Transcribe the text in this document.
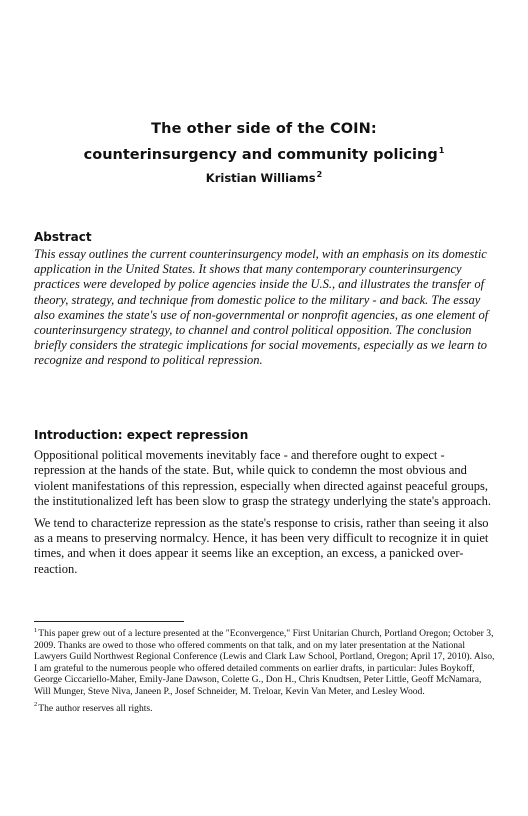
The other side of the COIN:
counterinsurgency and community policing$^1$
Kristian Williams$^2$
Abstract

This essay outlines the current counterinsurgency model, with an emphasis on its domestic application in the United States. It shows that many contemporary counterinsurgency practices were developed by police agencies inside the U.S., and illustrates the transfer of theory, strategy, and technique from domestic police to the military - and back. The essay also examines the state's use of non-governmental or nonprofit agencies, as one element of counterinsurgency strategy, to channel and control political opposition. The conclusion briefly considers the strategic implications for social movements, especially as we learn to recognize and respond to political repression.

Introduction: expect repression

Oppositional political movements inevitably face - and therefore ought to expect - repression at the hands of the state. But, while quick to condemn the most obvious and violent manifestations of this repression, especially when directed against peaceful groups, the institutionalized left has been slow to grasp the strategy underlying the state's approach.

We tend to characterize repression as the state's response to crisis, rather than seeing it also as a means to preserving normalcy. Hence, it has been very difficult to recognize it in quiet times, and when it does appear it seems like an exception, an excess, a panicked over-reaction.

$^1$This paper grew out of a lecture presented at the "Econvergence," First Unitarian Church, Portland Oregon; October 3, 2009. Thanks are owed to those who offered comments on that talk, and on my later presentation at the National Lawyers Guild Northwest Regional Conference (Lewis and Clark Law School, Portland, Oregon; April 17, 2010). Also, I am grateful to the numerous people who offered detailed comments on earlier drafts, in particular: Jules Boykoff, George Ciccariello-Maher, Emily-Jane Dawson, Colette G., Don H., Chris Knudtsen, Peter Little, Geoff McNamara, Will Munger, Steve Niva, Janeen P., Josef Schneider, M. Treloar, Kevin Van Meter, and Lesley Wood.

$^2$The author reserves all rights.
